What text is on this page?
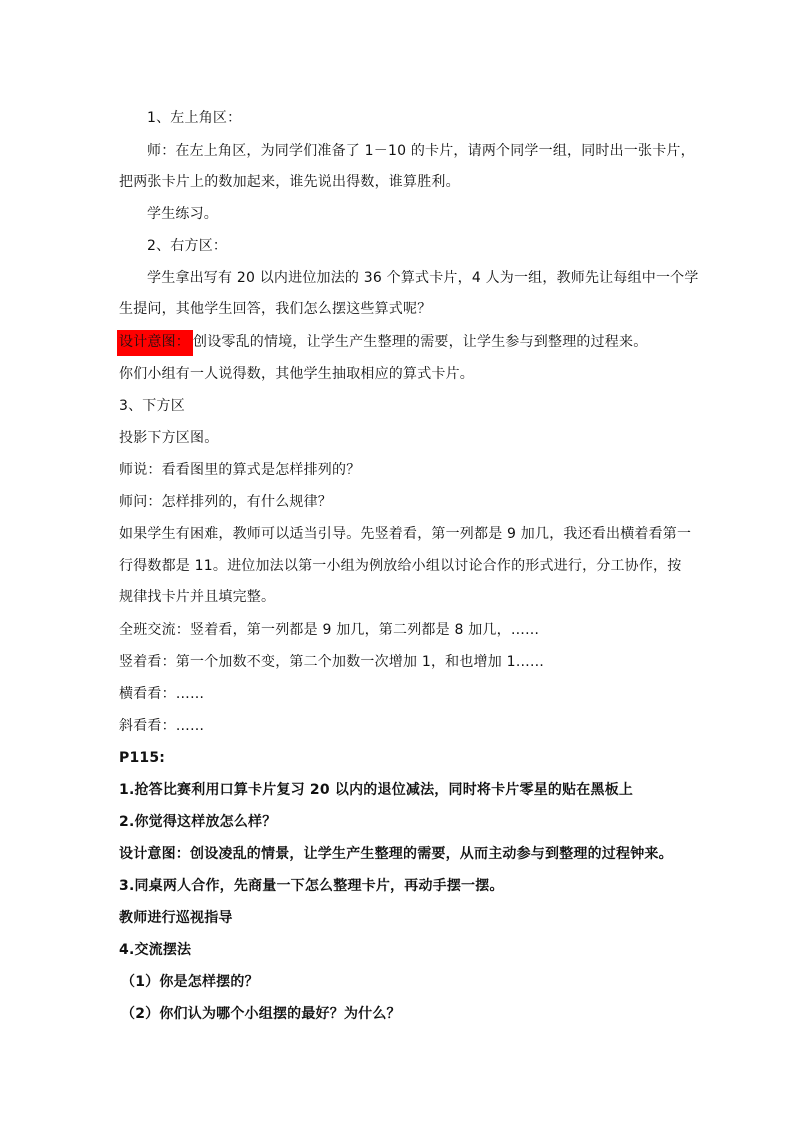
1、左上角区：
师：在左上角区，为同学们准备了 1－10 的卡片，请两个同学一组，同时出一张卡片，
把两张卡片上的数加起来，谁先说出得数，谁算胜利。
学生练习。
2、右方区：
学生拿出写有 20 以内进位加法的 36 个算式卡片，4 人为一组，教师先让每组中一个学
生提问，其他学生回答，我们怎么摆这些算式呢？
设计意图： 创设零乱的情境，让学生产生整理的需要，让学生参与到整理的过程来。
你们小组有一人说得数，其他学生抽取相应的算式卡片。
3、下方区
投影下方区图。
师说：看看图里的算式是怎样排列的？
师问：怎样排列的，有什么规律？
如果学生有困难，教师可以适当引导。先竖着看，第一列都是 9 加几，我还看出横着看第一
行得数都是 11。进位加法以第一小组为例放给小组以讨论合作的形式进行，分工协作，按
规律找卡片并且填完整。
全班交流：竖着看，第一列都是 9 加几，第二列都是 8 加几，……
竖着看：第一个加数不变，第二个加数一次增加 1，和也增加 1……
横看看：……
斜看看：……
P115:
1.抢答比赛利用口算卡片复习 20 以内的退位减法，同时将卡片零星的贴在黑板上
2.你觉得这样放怎么样？
设计意图：创设凌乱的情景，让学生产生整理的需要，从而主动参与到整理的过程钟来。
3.同桌两人合作，先商量一下怎么整理卡片，再动手摆一摆。
教师进行巡视指导
4.交流摆法
（1）你是怎样摆的？
（2）你们认为哪个小组摆的最好？为什么？
